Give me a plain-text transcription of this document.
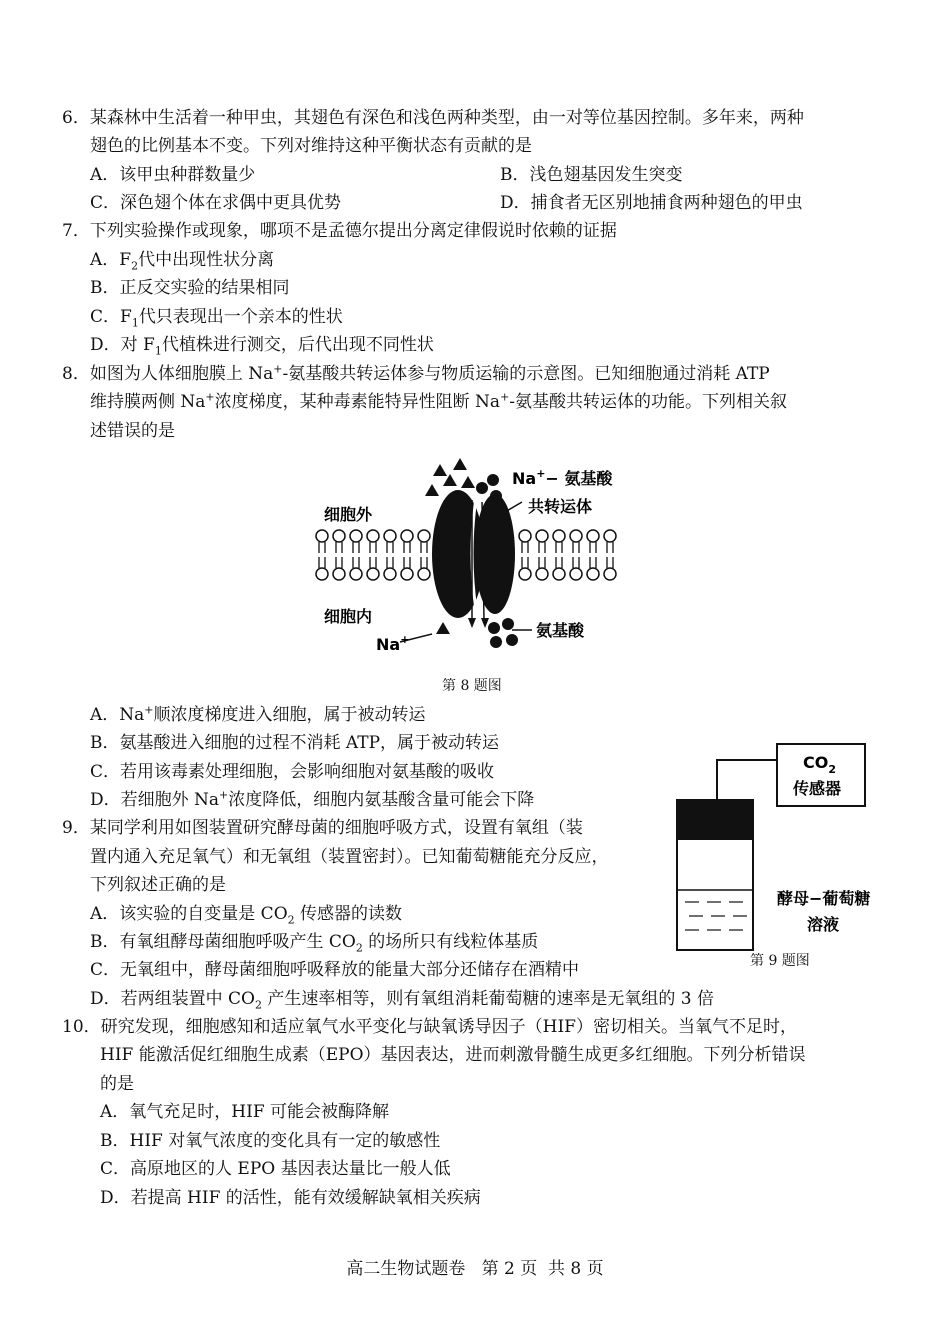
6．某森林中生活着一种甲虫，其翅色有深色和浅色两种类型，由一对等位基因控制。多年来，两种
翅色的比例基本不变。下列对维持这种平衡状态有贡献的是
A．该甲虫种群数量少	B．浅色翅基因发生突变
C．深色翅个体在求偶中更具优势	D．捕食者无区别地捕食两种翅色的甲虫
7．下列实验操作或现象，哪项不是孟德尔提出分离定律假说时依赖的证据
A．$F_2$代中出现性状分离
B．正反交实验的结果相同
C．$F_1$代只表现出一个亲本的性状
D．对 $F_1$代植株进行测交，后代出现不同性状
8．如图为人体细胞膜上 Na+-氨基酸共转运体参与物质运输的示意图。已知细胞通过消耗 ATP
维持膜两侧 Na+浓度梯度，某种毒素能特异性阻断 Na+-氨基酸共转运体的功能。下列相关叙
述错误的是
细胞外
细胞内
Na+− 氨基酸
共转运体
Na+	氨基酸
第 8 题图
A．Na+顺浓度梯度进入细胞，属于被动转运
B．氨基酸进入细胞的过程不消耗 ATP，属于被动转运
C．若用该毒素处理细胞，会影响细胞对氨基酸的吸收
D．若细胞外 Na+浓度降低，细胞内氨基酸含量可能会下降
9．某同学利用如图装置研究酵母菌的细胞呼吸方式，设置有氧组（装
置内通入充足氧气）和无氧组（装置密封）。已知葡萄糖能充分反应，
下列叙述正确的是
A．该实验的自变量是 $CO_2$ 传感器的读数
B．有氧组酵母菌细胞呼吸产生 $CO_2$ 的场所只有线粒体基质
C．无氧组中，酵母菌细胞呼吸释放的能量大部分还储存在酒精中
D．若两组装置中 $CO_2$ 产生速率相等，则有氧组消耗葡萄糖的速率是无氧组的 3 倍
$CO_2$
传感器
酵母−葡萄糖
溶液
第 9 题图
10．研究发现，细胞感知和适应氧气水平变化与缺氧诱导因子（HIF）密切相关。当氧气不足时，
HIF 能激活促红细胞生成素（EPO）基因表达，进而刺激骨髓生成更多红细胞。下列分析错误
的是
A．氧气充足时，HIF 可能会被酶降解
B．HIF 对氧气浓度的变化具有一定的敏感性
C．高原地区的人 EPO 基因表达量比一般人低
D．若提高 HIF 的活性，能有效缓解缺氧相关疾病
高二生物试题卷   第 2 页  共 8 页
